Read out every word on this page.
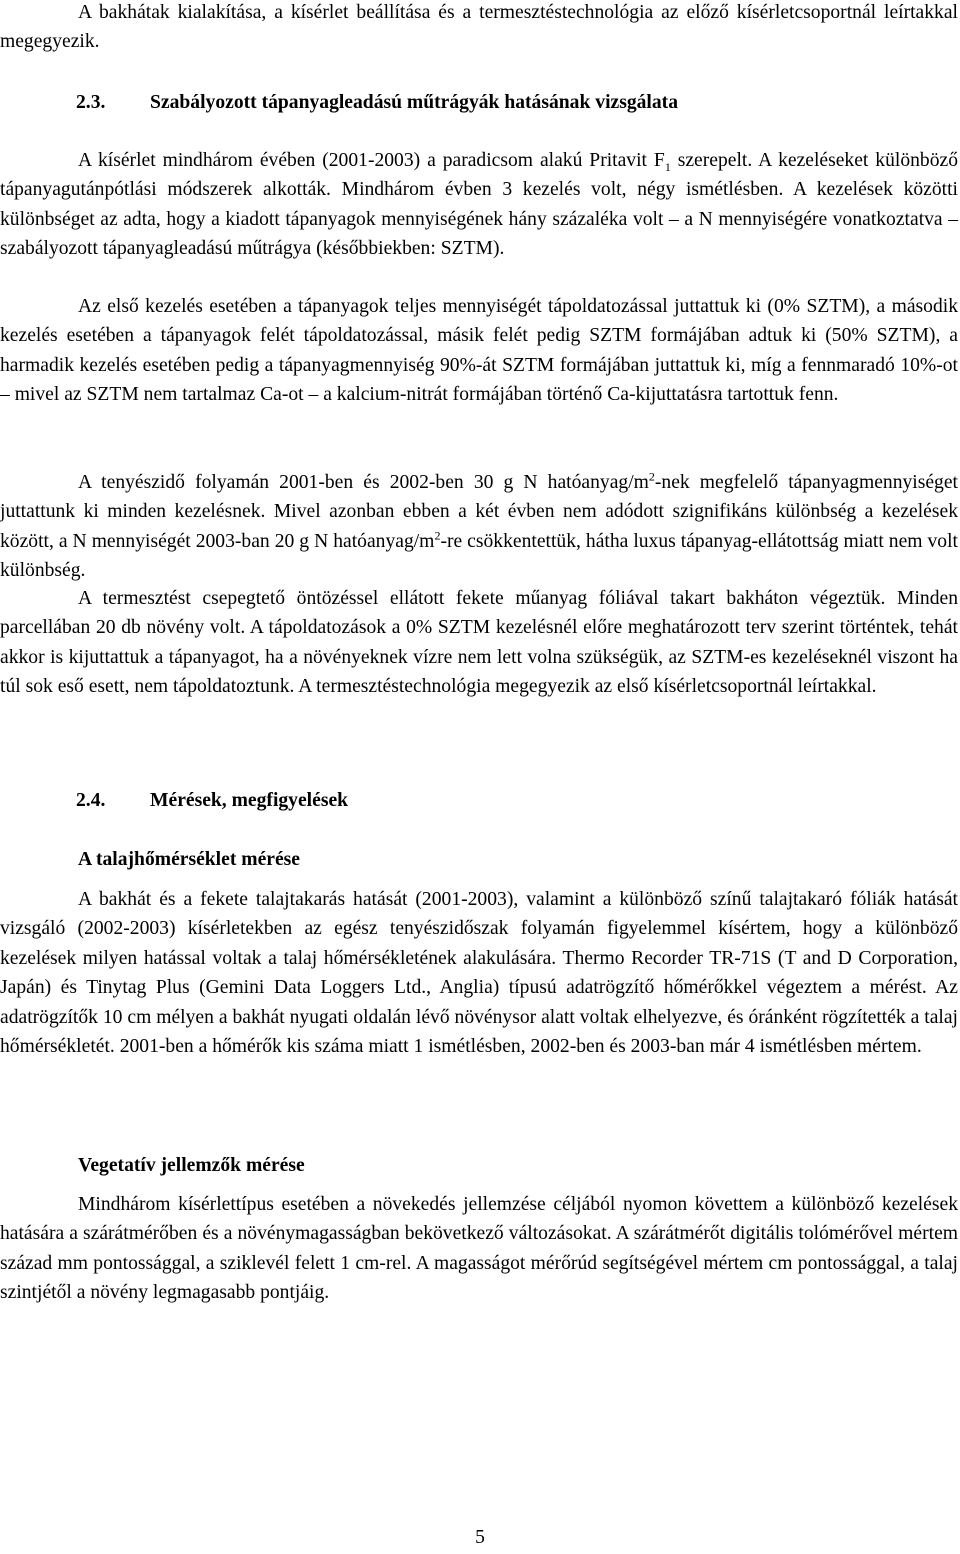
A bakhátak kialakítása, a kísérlet beállítása és a termesztéstechnológia az előző kísérletcsoportnál leírtakkal megegyezik.

2.3. Szabályozott tápanyagleadású műtrágyák hatásának vizsgálata

A kísérlet mindhárom évében (2001-2003) a paradicsom alakú Pritavit $F_1$ szerepelt. A kezeléseket különböző tápanyagutánpótlási módszerek alkották. Mindhárom évben 3 kezelés volt, négy ismétlésben. A kezelések közötti különbséget az adta, hogy a kiadott tápanyagok mennyiségének hány százaléka volt – a N mennyiségére vonatkoztatva – szabályozott tápanyagleadású műtrágya (későbbiekben: SZTM).

Az első kezelés esetében a tápanyagok teljes mennyiségét tápoldatozással juttattuk ki (0% SZTM), a második kezelés esetében a tápanyagok felét tápoldatozással, másik felét pedig SZTM formájában adtuk ki (50% SZTM), a harmadik kezelés esetében pedig a tápanyagmennyiség 90%-át SZTM formájában juttattuk ki, míg a fennmaradó 10%-ot – mivel az SZTM nem tartalmaz Ca-ot – a kalcium-nitrát formájában történő Ca-kijuttatásra tartottuk fenn.

A tenyészidő folyamán 2001-ben és 2002-ben 30 g N hatóanyag/$m^2$-nek megfelelő tápanyagmennyiséget juttattunk ki minden kezelésnek. Mivel azonban ebben a két évben nem adódott szignifikáns különbség a kezelések között, a N mennyiségét 2003-ban 20 g N hatóanyag/$m^2-re$ csökkentettük, hátha luxus tápanyag-ellátottság miatt nem volt különbség.

A termesztést csepegtető öntözéssel ellátott fekete műanyag fóliával takart bakháton végeztük. Minden parcellában 20 db növény volt. A tápoldatozások a 0% SZTM kezelésnél előre meghatározott terv szerint történtek, tehát akkor is kijuttattuk a tápanyagot, ha a növényeknek vízre nem lett volna szükségük, az SZTM-es kezeléseknél viszont ha túl sok eső esett, nem tápoldatoztunk. A termesztéstechnológia megegyezik az első kísérletcsoportnál leírtakkal.

2.4. Mérések, megfigyelések
A talajhőmérséklet mérése

A bakhát és a fekete talajtakarás hatását (2001-2003), valamint a különböző színű talajtakaró fóliák hatását vizsgáló (2002-2003) kísérletekben az egész tenyészidőszak folyamán figyelemmel kísértem, hogy a különböző kezelések milyen hatással voltak a talaj hőmérsékletének alakulására. Thermo Recorder TR-71S (T and D Corporation, Japán) és Tinytag Plus (Gemini Data Loggers Ltd., Anglia) típusú adatrögzítő hőmérőkkel végeztem a mérést. Az adatrögzítők 10 cm mélyen a bakhát nyugati oldalán lévő növénysor alatt voltak elhelyezve, és óránként rögzítették a talaj hőmérsékletét. 2001-ben a hőmérők kis száma miatt 1 ismétlésben, 2002-ben és 2003-ban már 4 ismétlésben mértem.

Vegetatív jellemzők mérése

Mindhárom kísérlettípus esetében a növekedés jellemzése céljából nyomon követtem a különböző kezelések hatására a szárátmérőben és a növénymagasságban bekövetkező változásokat. A szárátmérőt digitális tolómérővel mértem század mm pontossággal, a sziklevél felett 1 cm-rel. A magasságot mérőrúd segítségével mértem cm pontossággal, a talaj szintjétől a növény legmagasabb pontjáig.

5
